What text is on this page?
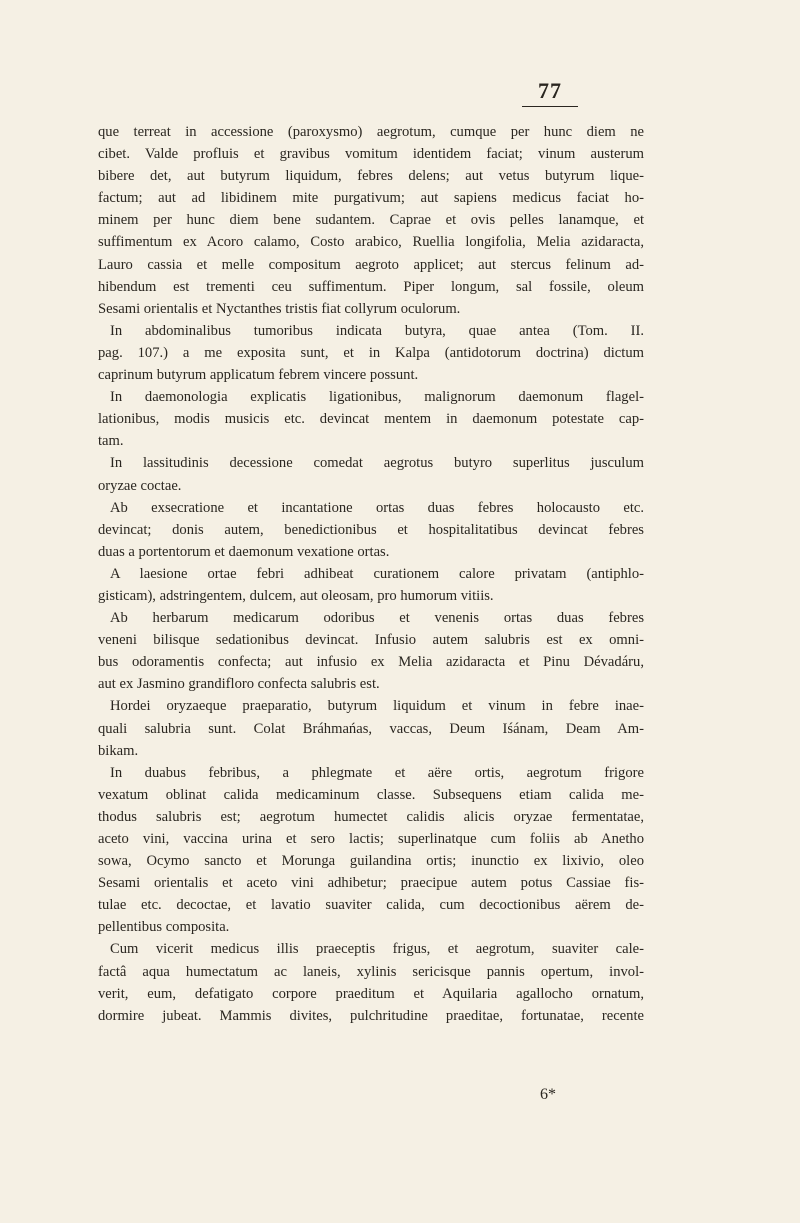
77
que terreat in accessione (paroxysmo) aegrotum, cumque per hunc diem ne
cibet. Valde profluis et gravibus vomitum identidem faciat; vinum austerum
bibere det, aut butyrum liquidum, febres delens; aut vetus butyrum lique-
factum; aut ad libidinem mite purgativum; aut sapiens medicus faciat ho-
minem per hunc diem bene sudantem. Caprae et ovis pelles lanamque, et
suffimentum ex Acoro calamo, Costo arabico, Ruellia longifolia, Melia azidaracta,
Lauro cassia et melle compositum aegroto applicet; aut stercus felinum ad-
hibendum est trementi ceu suffimentum. Piper longum, sal fossile, oleum
Sesami orientalis et Nyctanthes tristis fiat collyrum oculorum.
In abdominalibus tumoribus indicata butyra, quae antea (Tom. II.
pag. 107.) a me exposita sunt, et in Kalpa (antidotorum doctrina) dictum
caprinum butyrum applicatum febrem vincere possunt.
In daemonologia explicatis ligationibus, malignorum daemonum flagel-
lationibus, modis musicis etc. devincat mentem in daemonum potestate cap-
tam.
In lassitudinis decessione comedat aegrotus butyro superlitus jusculum
oryzae coctae.
Ab exsecratione et incantatione ortas duas febres holocausto etc.
devincat; donis autem, benedictionibus et hospitalitatibus devincat febres
duas a portentorum et daemonum vexatione ortas.
A laesione ortae febri adhibeat curationem calore privatam (antiphlo-
gisticam), adstringentem, dulcem, aut oleosam, pro humorum vitiis.
Ab herbarum medicarum odoribus et venenis ortas duas febres
veneni bilisque sedationibus devincat. Infusio autem salubris est ex omni-
bus odoramentis confecta; aut infusio ex Melia azidaracta et Pinu Dévadáru,
aut ex Jasmino grandifloro confecta salubris est.
Hordei oryzaeque praeparatio, butyrum liquidum et vinum in febre inae-
quali salubria sunt. Colat Bráhmańas, vaccas, Deum Iśánam, Deam Am-
bikam.
In duabus febribus, a phlegmate et aëre ortis, aegrotum frigore
vexatum oblinat calida medicaminum classe. Subsequens etiam calida me-
thodus salubris est; aegrotum humectet calidis alicis oryzae fermentatae,
aceto vini, vaccina urina et sero lactis; superlinatque cum foliis ab Anetho
sowa, Ocymo sancto et Morunga guilandina ortis; inunctio ex lixivio, oleo
Sesami orientalis et aceto vini adhibetur; praecipue autem potus Cassiae fis-
tulae etc. decoctae, et lavatio suaviter calida, cum decoctionibus aërem de-
pellentibus composita.
Cum vicerit medicus illis praeceptis frigus, et aegrotum, suaviter cale-
factâ aqua humectatum ac laneis, xylinis sericisque pannis opertum, invol-
verit, eum, defatigato corpore praeditum et Aquilaria agallocho ornatum,
dormire jubeat. Mammis divites, pulchritudine praeditae, fortunatae, recente
6*
